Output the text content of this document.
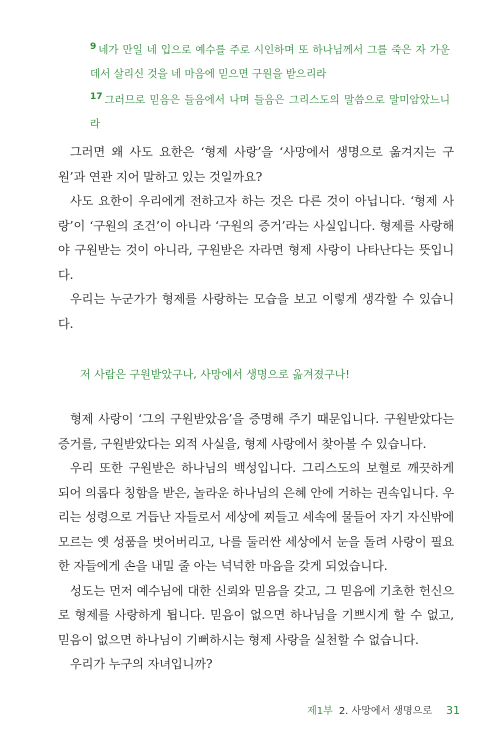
9 네가 만일 네 입으로 예수를 주로 시인하며 또 하나님께서 그를 죽은 자 가운데서 살리신 것을 네 마음에 믿으면 구원을 받으리라
17 그러므로 믿음은 들음에서 나며 들음은 그리스도의 말씀으로 말미암았느니라

그러면 왜 사도 요한은 ‘형제 사랑’을 ‘사망에서 생명으로 옮겨지는 구원’과 연관 지어 말하고 있는 것일까요?

사도 요한이 우리에게 전하고자 하는 것은 다른 것이 아닙니다. ‘형제 사랑’이 ‘구원의 조건’이 아니라 ‘구원의 증거’라는 사실입니다. 형제를 사랑해야 구원받는 것이 아니라, 구원받은 자라면 형제 사랑이 나타난다는 뜻입니다.

우리는 누군가가 형제를 사랑하는 모습을 보고 이렇게 생각할 수 있습니다.

저 사람은 구원받았구나, 사망에서 생명으로 옮겨졌구나!

형제 사랑이 ‘그의 구원받았음’을 증명해 주기 때문입니다. 구원받았다는 증거를, 구원받았다는 외적 사실을, 형제 사랑에서 찾아볼 수 있습니다.

우리 또한 구원받은 하나님의 백성입니다. 그리스도의 보혈로 깨끗하게 되어 의롭다 칭함을 받은, 놀라운 하나님의 은혜 안에 거하는 권속입니다. 우리는 성령으로 거듭난 자들로서 세상에 찌들고 세속에 물들어 자기 자신밖에 모르는 옛 성품을 벗어버리고, 나를 둘러싼 세상에서 눈을 돌려 사랑이 필요한 자들에게 손을 내밀 줄 아는 넉넉한 마음을 갖게 되었습니다.

성도는 먼저 예수님에 대한 신뢰와 믿음을 갖고, 그 믿음에 기초한 헌신으로 형제를 사랑하게 됩니다. 믿음이 없으면 하나님을 기쁘시게 할 수 없고, 믿음이 없으면 하나님이 기뻐하시는 형제 사랑을 실천할 수 없습니다.

우리가 누구의 자녀입니까?

제1부 2. 사망에서 생명으로 31
